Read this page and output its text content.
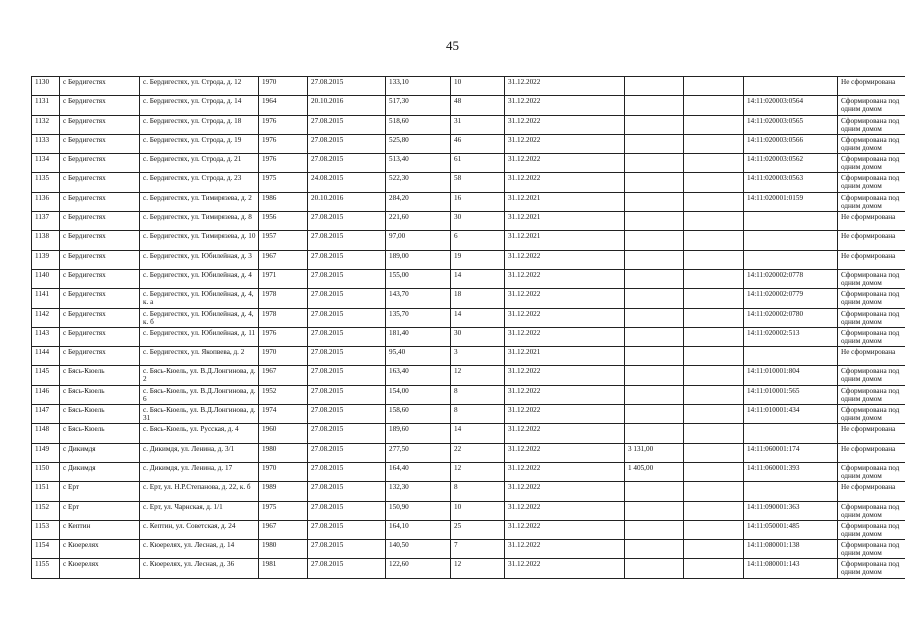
45
1130	с Бердигестях	с. Бердигестях, ул. Строда, д. 12	1970	27.08.2015	133,10	10	31.12.2022				Не сформирована
1131	с Бердигестях	с. Бердигестях, ул. Строда, д. 14	1964	20.10.2016	517,30	48	31.12.2022			14:11:020003:0564	Сформирована под одним домом
1132	с Бердигестях	с. Бердигестях, ул. Строда, д. 18	1976	27.08.2015	518,60	31	31.12.2022			14:11:020003:0565	Сформирована под одним домом
1133	с Бердигестях	с. Бердигестях, ул. Строда, д. 19	1976	27.08.2015	525,80	46	31.12.2022			14:11:020003:0566	Сформирована под одним домом
1134	с Бердигестях	с. Бердигестях, ул. Строда, д. 21	1976	27.08.2015	513,40	61	31.12.2022			14:11:020003:0562	Сформирована под одним домом
1135	с Бердигестях	с. Бердигестях, ул. Строда, д. 23	1975	24.08.2015	522,30	58	31.12.2022			14:11:020003:0563	Сформирована под одним домом
1136	с Бердигестях	с. Бердигестях, ул. Тимирязева, д. 2	1986	20.10.2016	284,20	16	31.12.2021			14:11:020001:0159	Сформирована под одним домом
1137	с Бердигестях	с. Бердигестях, ул. Тимирязева, д. 8	1956	27.08.2015	221,60	30	31.12.2021				Не сформирована
1138	с Бердигестях	с. Бердигестях, ул. Тимирязева, д. 10	1957	27.08.2015	97,00	6	31.12.2021				Не сформирована
1139	с Бердигестях	с. Бердигестях, ул. Юбилейная, д. 3	1967	27.08.2015	189,00	19	31.12.2022				Не сформирована
1140	с Бердигестях	с. Бердигестях, ул. Юбилейная, д. 4	1971	27.08.2015	155,00	14	31.12.2022			14:11:020002:0778	Сформирована под одним домом
1141	с Бердигестях	с. Бердигестях, ул. Юбилейная, д. 4, к. а	1978	27.08.2015	143,70	18	31.12.2022			14:11:020002:0779	Сформирована под одним домом
1142	с Бердигестях	с. Бердигестях, ул. Юбилейная, д. 4, к. б	1978	27.08.2015	135,70	14	31.12.2022			14:11:020002:0780	Сформирована под одним домом
1143	с Бердигестях	с. Бердигестях, ул. Юбилейная, д. 11	1976	27.08.2015	181,40	30	31.12.2022			14:11:020002:513	Сформирована под одним домом
1144	с Бердигестях	с. Бердигестях, ул. Якопвева, д. 2	1970	27.08.2015	95,40	3	31.12.2021				Не сформирована
1145	с Бясь-Кюель	с. Бясь-Кюель, ул. В.Д.Лонгинова, д. 2	1967	27.08.2015	163,40	12	31.12.2022			14:11:010001:804	Сформирована под одним домом
1146	с Бясь-Кюель	с. Бясь-Кюель, ул. В.Д.Лонгинова, д. 6	1952	27.08.2015	154,00	8	31.12.2022			14:11:010001:565	Сформирована под одним домом
1147	с Бясь-Кюель	с. Бясь-Кюель, ул. В.Д.Лонгинова, д. 31	1974	27.08.2015	158,60	8	31.12.2022			14:11:010001:434	Сформирована под одним домом
1148	с Бясь-Кюель	с. Бясь-Кюель, ул. Русская, д. 4	1960	27.08.2015	189,60	14	31.12.2022				Не сформирована
1149	с Дикимдя	с. Дикимдя, ул. Ленина, д. 3/1	1980	27.08.2015	277,50	22	31.12.2022	3 131,00		14:11:060001:174	Не сформирована
1150	с Дикимдя	с. Дикимдя, ул. Ленина, д. 17	1970	27.08.2015	164,40	12	31.12.2022	1 405,00		14:11:060001:393	Сформирована под одним домом
1151	с Ерт	с. Ерт, ул. Н.Р.Степанова, д. 22, к. б	1989	27.08.2015	132,30	8	31.12.2022				Не сформирована
1152	с Ерт	с. Ерт, ул. Чарнская, д. 1/1	1975	27.08.2015	150,90	10	31.12.2022			14:11:090001:363	Сформирована под одним домом
1153	с Кептин	с. Кептин, ул. Советская, д. 24	1967	27.08.2015	164,10	25	31.12.2022			14:11:050001:485	Сформирована под одним домом
1154	с Кюерелях	с. Кюерелях, ул. Лесная, д. 14	1980	27.08.2015	140,50	7	31.12.2022			14:11:080001:138	Сформирована под одним домом
1155	с Кюерелях	с. Кюерелях, ул. Лесная, д. 36	1981	27.08.2015	122,60	12	31.12.2022			14:11:080001:143	Сформирована под одним домом
